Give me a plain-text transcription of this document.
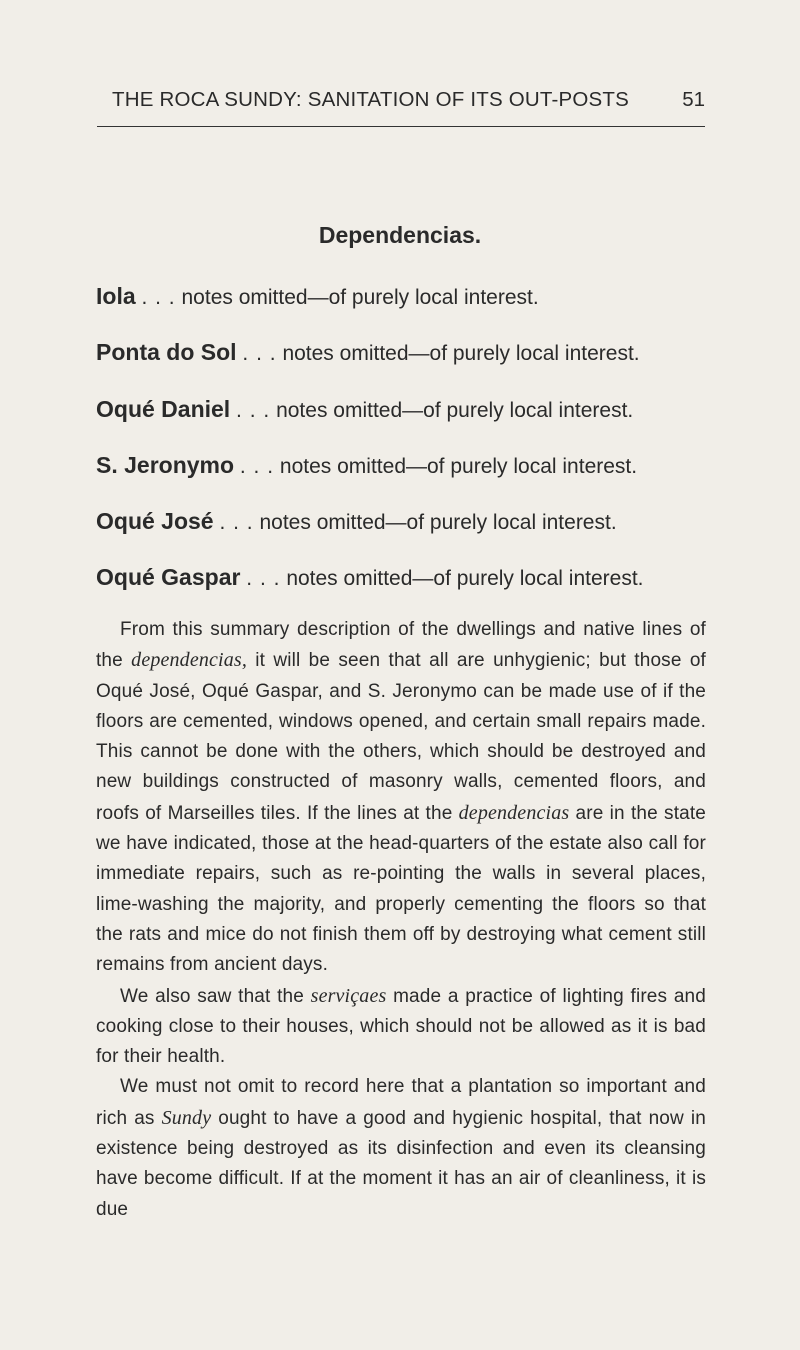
THE ROCA SUNDY: SANITATION OF ITS OUT-POSTS	51
Dependencias.
Iola . . . notes omitted—of purely local interest.
Ponta do Sol . . . notes omitted—of purely local interest.
Oqué Daniel . . . notes omitted—of purely local interest.
S. Jeronymo . . . notes omitted—of purely local interest.
Oqué José . . . notes omitted—of purely local interest.
Oqué Gaspar . . . notes omitted—of purely local interest.

From this summary description of the dwellings and native lines of the dependencias, it will be seen that all are unhygienic; but those of Oqué José, Oqué Gaspar, and S. Jeronymo can be made use of if the floors are cemented, windows opened, and certain small repairs made. This cannot be done with the others, which should be destroyed and new buildings constructed of masonry walls, cemented floors, and roofs of Marseilles tiles. If the lines at the dependencias are in the state we have indicated, those at the head-quarters of the estate also call for immediate repairs, such as re-pointing the walls in several places, lime-washing the majority, and properly cementing the floors so that the rats and mice do not finish them off by destroying what cement still remains from ancient days.

We also saw that the serviçaes made a practice of lighting fires and cooking close to their houses, which should not be allowed as it is bad for their health.

We must not omit to record here that a plantation so important and rich as Sundy ought to have a good and hygienic hospital, that now in existence being destroyed as its disinfection and even its cleansing have become difficult. If at the moment it has an air of cleanliness, it is due
